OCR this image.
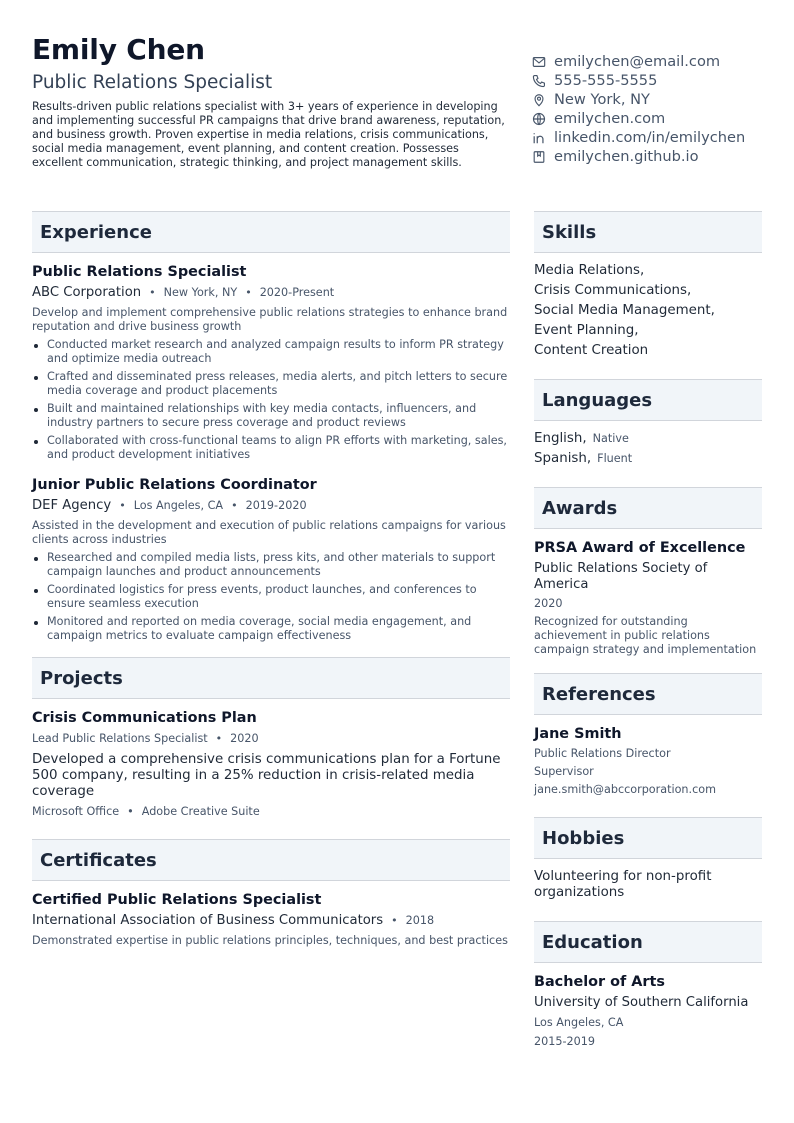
Emily Chen
Public Relations Specialist
Results-driven public relations specialist with 3+ years of experience in developing and implementing successful PR campaigns that drive brand awareness, reputation, and business growth. Proven expertise in media relations, crisis communications, social media management, event planning, and content creation. Possesses excellent communication, strategic thinking, and project management skills.
emilychen@email.com
555-555-5555
New York, NY
emilychen.com
linkedin.com/in/emilychen
emilychen.github.io
Experience
Public Relations Specialist
ABC Corporation • New York, NY • 2020-Present
Develop and implement comprehensive public relations strategies to enhance brand reputation and drive business growth
Conducted market research and analyzed campaign results to inform PR strategy and optimize media outreach
Crafted and disseminated press releases, media alerts, and pitch letters to secure media coverage and product placements
Built and maintained relationships with key media contacts, influencers, and industry partners to secure press coverage and product reviews
Collaborated with cross-functional teams to align PR efforts with marketing, sales, and product development initiatives
Junior Public Relations Coordinator
DEF Agency • Los Angeles, CA • 2019-2020
Assisted in the development and execution of public relations campaigns for various clients across industries
Researched and compiled media lists, press kits, and other materials to support campaign launches and product announcements
Coordinated logistics for press events, product launches, and conferences to ensure seamless execution
Monitored and reported on media coverage, social media engagement, and campaign metrics to evaluate campaign effectiveness
Projects
Crisis Communications Plan
Lead Public Relations Specialist • 2020
Developed a comprehensive crisis communications plan for a Fortune 500 company, resulting in a 25% reduction in crisis-related media coverage
Microsoft Office • Adobe Creative Suite
Certificates
Certified Public Relations Specialist
International Association of Business Communicators • 2018
Demonstrated expertise in public relations principles, techniques, and best practices
Skills
Media Relations,
Crisis Communications,
Social Media Management,
Event Planning,
Content Creation
Languages
English, Native
Spanish, Fluent
Awards
PRSA Award of Excellence
Public Relations Society of America
2020
Recognized for outstanding achievement in public relations campaign strategy and implementation
References
Jane Smith
Public Relations Director
Supervisor
jane.smith@abccorporation.com
Hobbies
Volunteering for non-profit organizations
Education
Bachelor of Arts
University of Southern California
Los Angeles, CA
2015-2019
